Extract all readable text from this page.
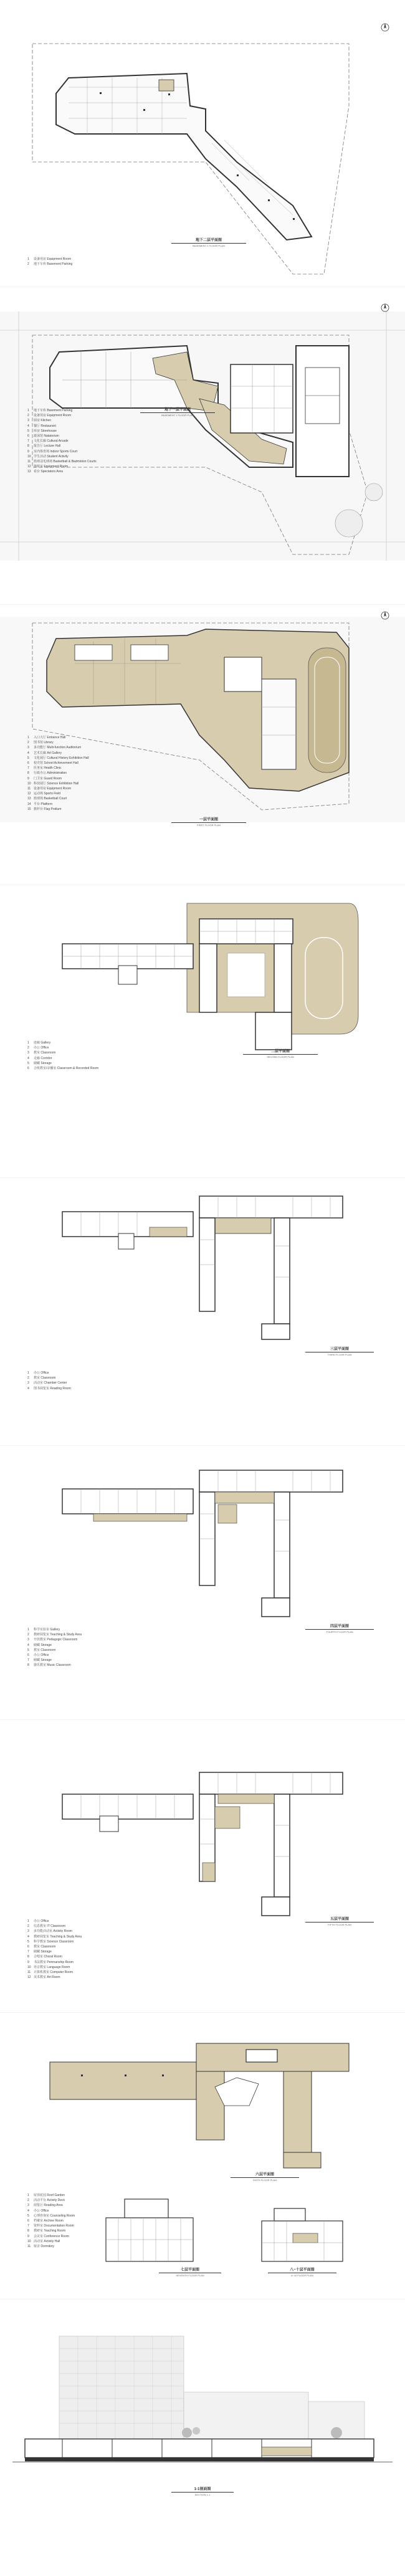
1	设备用房 Equipment Room
2	地下车库 Basement Parking
地下二层平面图
BASEMENT 2 FLOOR PLAN
1	地下车库 Basement Parking
2	设备用房 Equipment Room
3	厨房 Kitchen
4	餐厅 Restaurant
5	库房 Storehouse
6	游泳馆 Natatorium
7	文化长廊 Cultural Arcade
8	报告厅 Lecture Hall
9	室内体育场 Indoor Sports Court
10 学生活动 Student Activity
11 篮球羽毛球场 Basketball & Badminton Courts
12 器材室 Equipment Room
13 看台 Spectators Area
地下一层平面图
BASEMENT 1 FLOOR PLAN
1	入口大厅 Entrance Hall
2	图书馆 Library
3	多功能厅 Multi-function Auditorium
4	艺术长廊 Art Gallery
5	文化展厅 Cultural History Exhibition Hall
6	校史馆 School Achievement Hall
7	医务室 Health Clinic
8	行政办公 Administration
9	门卫室 Guard Room
10 科技展厅 Science Exhibition Hall
11 设备用房 Equipment Room
12 运动场 Sports Field
13 篮球场 Basketball Court
14 平台 Platform
15 旗杆台 Flag Podium
一层平面图
FIRST FLOOR PLAN
1	连廊 Gallery
2	办公 Office
3	教室 Classroom
4	走廊 Corridor
5	储藏 Storage
6	合班教室/录播室 Classroom & Recorded Room
二层平面图
SECOND FLOOR PLAN
1	办公 Office
2	教室 Classroom
3	活动室 Chamber Center
4	图书阅览室 Reading Room
三层平面图
THIRD FLOOR PLAN
1	科学实验室 Gallery
2	教研阅览室 Teaching & Study Area
3	开放教室 Pedagogic Classroom
4	储藏 Storage
5	教室 Classroom
6	办公 Office
7	储藏 Storage
8	器乐教室 Music Classroom
四层平面图
FOURTH FLOOR PLAN
1	办公 Office
2	信息教室 IT Classroom
3	多功能活动室 Activity Room
4	教研阅览室 Teaching & Study Area
5	科学教室 Science Classroom
6	教室 Classroom
7	储藏 Storage
8	合唱室 Choral Room
9	书法教室 Penmanship Room
10 语音教室 Language Room
11 计算机教室 Computer Room
12 美术教室 Art Room
五层平面图
FIFTH FLOOR PLAN
1	屋顶花园 Roof Garden
2	活动平台 Activity Deck
3	阅览区 Reading Area
4	办公 Office
5	心理咨询室 Counseling Room
6	档案室 Archive Room
7	资料室 Documentation Room
8	教研室 Teaching Room
9	会议室 Conference Room
10 活动室 Activity Hall
11 宿舍 Dormitory
六层平面图
SIXTH FLOOR PLAN
七层平面图
SEVENTH FLOOR PLAN
八~十层平面图
8~10 FLOOR PLAN
1-1剖面图
SECTION 1-1
